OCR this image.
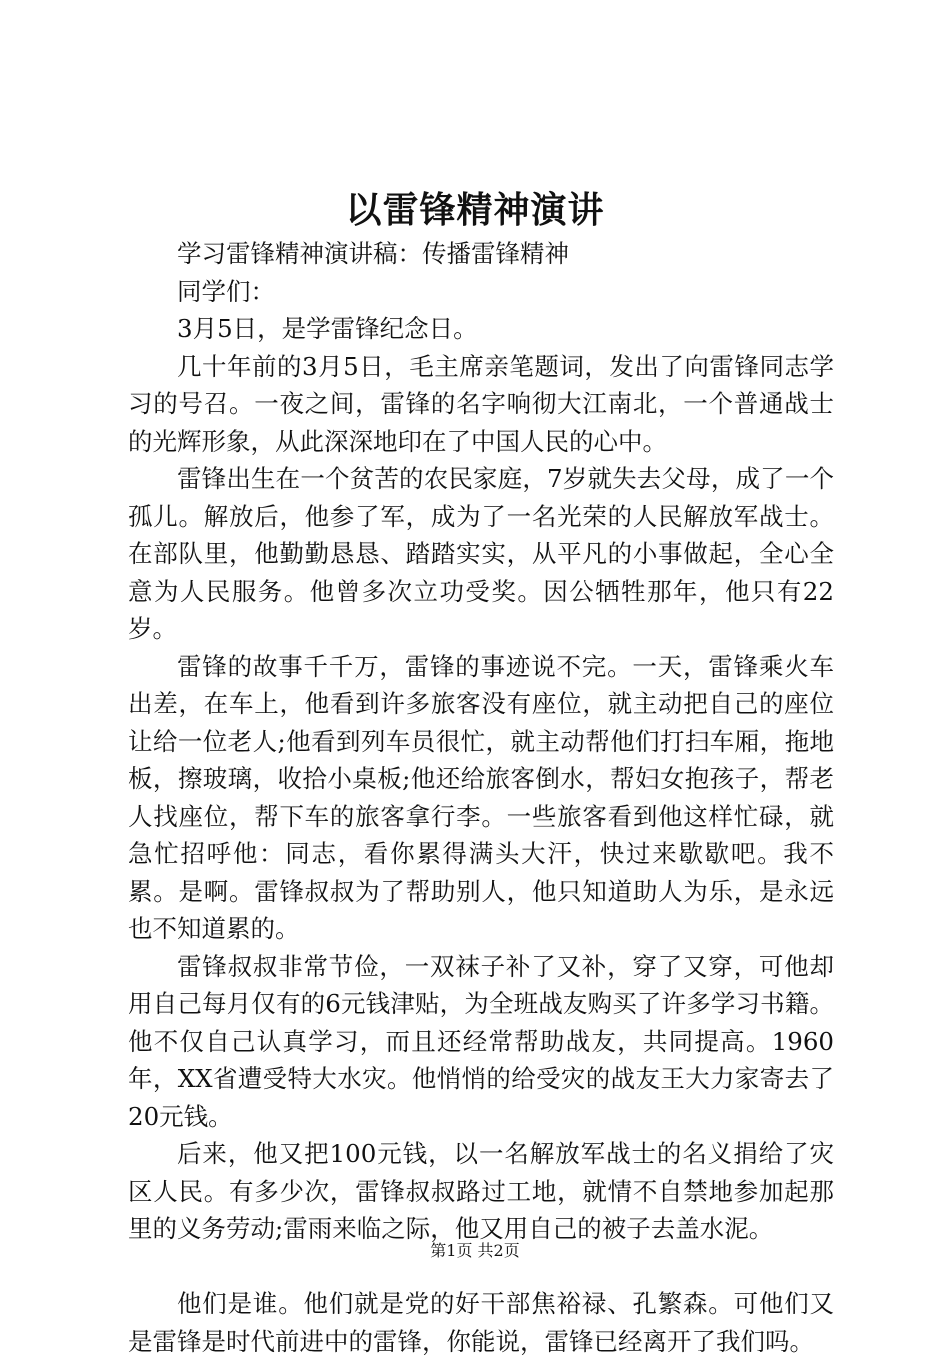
以雷锋精神演讲

学习雷锋精神演讲稿：传播雷锋精神

同学们：

3月5日，是学雷锋纪念日。

几十年前的3月5日，毛主席亲笔题词，发出了向雷锋同志学习的号召。一夜之间，雷锋的名字响彻大江南北，一个普通战士的光辉形象，从此深深地印在了中国人民的心中。

雷锋出生在一个贫苦的农民家庭，7岁就失去父母，成了一个孤儿。解放后，他参了军，成为了一名光荣的人民解放军战士。在部队里，他勤勤恳恳、踏踏实实，从平凡的小事做起，全心全意为人民服务。他曾多次立功受奖。因公牺牲那年，他只有22岁。

雷锋的故事千千万，雷锋的事迹说不完。一天，雷锋乘火车出差，在车上，他看到许多旅客没有座位，就主动把自己的座位让给一位老人;他看到列车员很忙，就主动帮他们打扫车厢，拖地板，擦玻璃，收拾小桌板;他还给旅客倒水，帮妇女抱孩子，帮老人找座位，帮下车的旅客拿行李。一些旅客看到他这样忙碌，就急忙招呼他：同志，看你累得满头大汗，快过来歇歇吧。我不累。是啊。雷锋叔叔为了帮助别人，他只知道助人为乐，是永远也不知道累的。

雷锋叔叔非常节俭，一双袜子补了又补，穿了又穿，可他却用自己每月仅有的6元钱津贴，为全班战友购买了许多学习书籍。他不仅自己认真学习，而且还经常帮助战友，共同提高。1960年，XX省遭受特大水灾。他悄悄的给受灾的战友王大力家寄去了20元钱。

后来，他又把100元钱，以一名解放军战士的名义捐给了灾区人民。有多少次，雷锋叔叔路过工地，就情不自禁地参加起那里的义务劳动;雷雨来临之际，他又用自己的被子去盖水泥。

他们是谁。他们就是党的好干部焦裕禄、孔繁森。可他们又是雷锋是时代前进中的雷锋，你能说，雷锋已经离开了我们吗。

第1页 共2页
